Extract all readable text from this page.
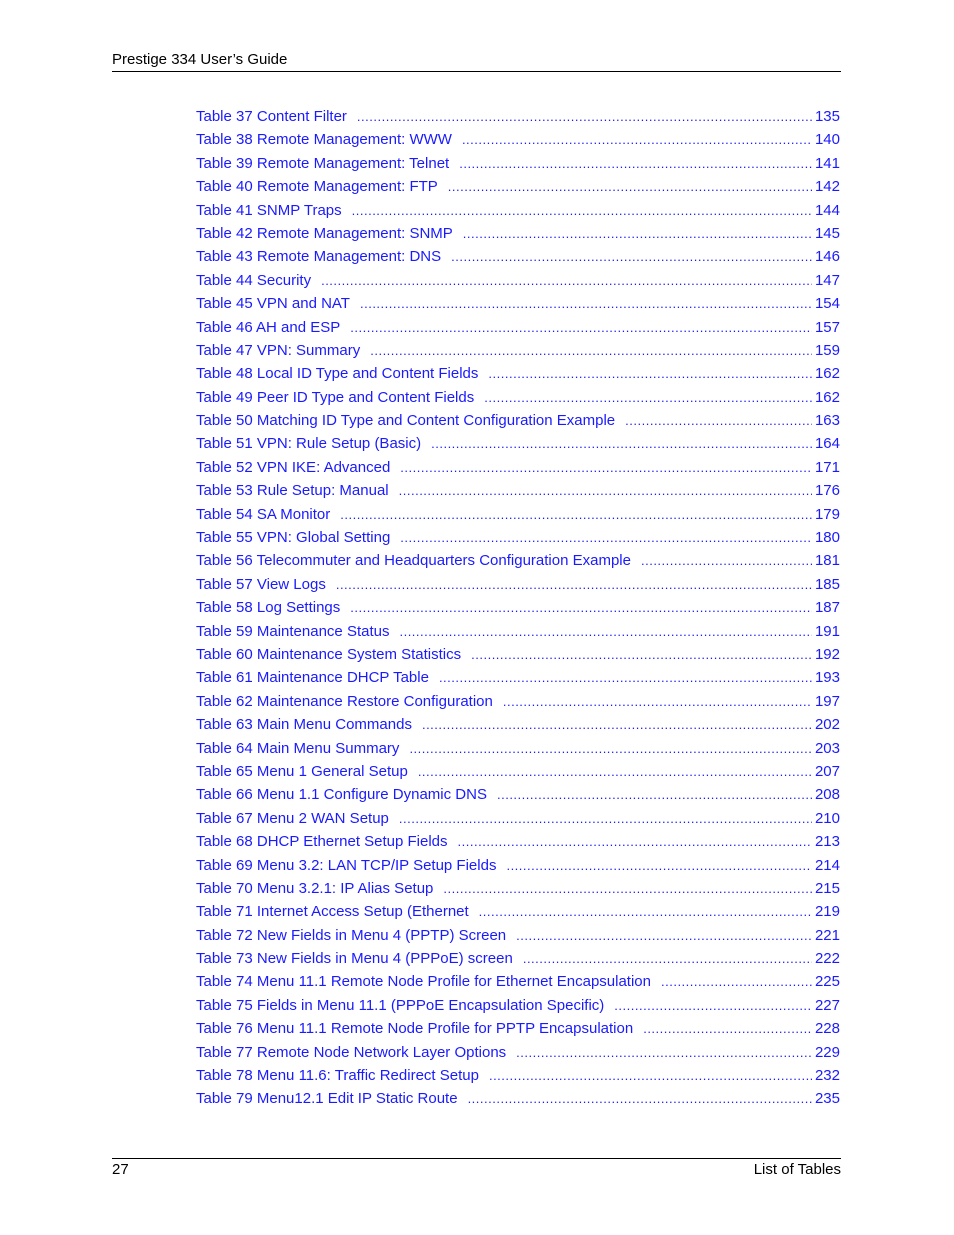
Prestige 334 User’s Guide
Table 37 Content Filter .....	135
Table 38 Remote Management: WWW .....	140
Table 39 Remote Management: Telnet .....	141
Table 40 Remote Management: FTP .....	142
Table 41 SNMP Traps .....	144
Table 42 Remote Management: SNMP .....	145
Table 43 Remote Management: DNS .....	146
Table 44 Security .....	147
Table 45 VPN and NAT .....	154
Table 46 AH and ESP .....	157
Table 47 VPN: Summary .....	159
Table 48 Local ID Type and Content Fields .....	162
Table 49 Peer ID Type and Content Fields .....	162
Table 50 Matching ID Type and Content Configuration Example .....	163
Table 51 VPN: Rule Setup (Basic) .....	164
Table 52 VPN IKE: Advanced .....	171
Table 53 Rule Setup: Manual .....	176
Table 54 SA Monitor .....	179
Table 55 VPN: Global Setting .....	180
Table 56 Telecommuter and Headquarters Configuration Example .....	181
Table 57 View Logs .....	185
Table 58 Log Settings .....	187
Table 59 Maintenance Status .....	191
Table 60 Maintenance System Statistics .....	192
Table 61 Maintenance DHCP Table .....	193
Table 62 Maintenance Restore Configuration .....	197
Table 63 Main Menu Commands .....	202
Table 64 Main Menu Summary .....	203
Table 65 Menu 1 General Setup .....	207
Table 66 Menu 1.1 Configure Dynamic DNS .....	208
Table 67 Menu 2 WAN Setup .....	210
Table 68 DHCP Ethernet Setup Fields .....	213
Table 69 Menu 3.2: LAN TCP/IP Setup Fields .....	214
Table 70 Menu 3.2.1: IP Alias Setup .....	215
Table 71 Internet Access Setup (Ethernet .....	219
Table 72 New Fields in Menu 4 (PPTP) Screen .....	221
Table 73 New Fields in Menu 4 (PPPoE) screen .....	222
Table 74 Menu 11.1 Remote Node Profile for Ethernet Encapsulation .....	225
Table 75 Fields in Menu 11.1 (PPPoE Encapsulation Specific) .....	227
Table 76 Menu 11.1 Remote Node Profile for PPTP Encapsulation .....	228
Table 77 Remote Node Network Layer Options .....	229
Table 78 Menu 11.6: Traffic Redirect Setup .....	232
Table 79 Menu12.1 Edit IP Static Route .....	235
27	List of Tables
